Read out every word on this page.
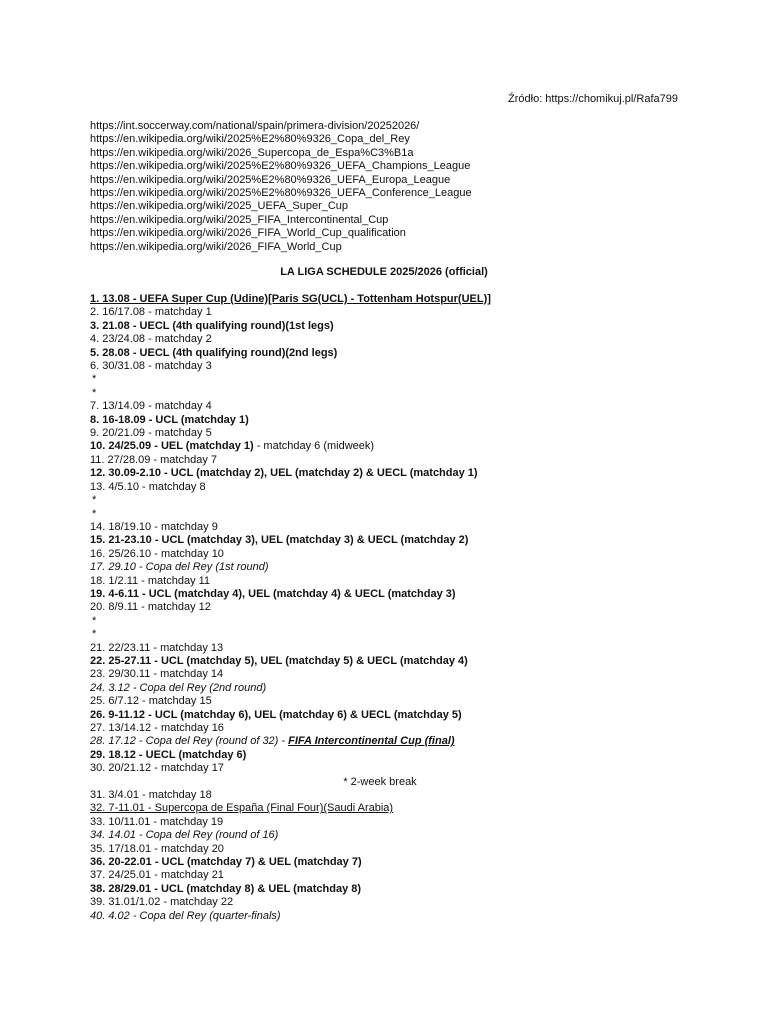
Źródło: https://chomikuj.pl/Rafa799
https://int.soccerway.com/national/spain/primera-division/20252026/
https://en.wikipedia.org/wiki/2025%E2%80%9326_Copa_del_Rey
https://en.wikipedia.org/wiki/2026_Supercopa_de_Espa%C3%B1a
https://en.wikipedia.org/wiki/2025%E2%80%9326_UEFA_Champions_League
https://en.wikipedia.org/wiki/2025%E2%80%9326_UEFA_Europa_League
https://en.wikipedia.org/wiki/2025%E2%80%9326_UEFA_Conference_League
https://en.wikipedia.org/wiki/2025_UEFA_Super_Cup
https://en.wikipedia.org/wiki/2025_FIFA_Intercontinental_Cup
https://en.wikipedia.org/wiki/2026_FIFA_World_Cup_qualification
https://en.wikipedia.org/wiki/2026_FIFA_World_Cup
LA LIGA SCHEDULE 2025/2026 (official)
1. 13.08 - UEFA Super Cup (Udine)[Paris SG(UCL) - Tottenham Hotspur(UEL)]
2. 16/17.08 - matchday 1
3. 21.08 - UECL (4th qualifying round)(1st legs)
4. 23/24.08 - matchday 2
5. 28.08 - UECL (4th qualifying round)(2nd legs)
6. 30/31.08 - matchday 3
*
*
7. 13/14.09 - matchday 4
8. 16-18.09 - UCL (matchday 1)
9. 20/21.09 - matchday 5
10. 24/25.09 - UEL (matchday 1) - matchday 6 (midweek)
11. 27/28.09 - matchday 7
12. 30.09-2.10 - UCL (matchday 2), UEL (matchday 2) & UECL (matchday 1)
13. 4/5.10 - matchday 8
*
*
14. 18/19.10 - matchday 9
15. 21-23.10 - UCL (matchday 3), UEL (matchday 3) & UECL (matchday 2)
16. 25/26.10 - matchday 10
17. 29.10 - Copa del Rey (1st round)
18. 1/2.11 - matchday 11
19. 4-6.11 - UCL (matchday 4), UEL (matchday 4) & UECL (matchday 3)
20. 8/9.11 - matchday 12
*
*
21. 22/23.11 - matchday 13
22. 25-27.11 - UCL (matchday 5), UEL (matchday 5) & UECL (matchday 4)
23. 29/30.11 - matchday 14
24. 3.12 - Copa del Rey (2nd round)
25. 6/7.12 - matchday 15
26. 9-11.12 - UCL (matchday 6), UEL (matchday 6) & UECL (matchday 5)
27. 13/14.12 - matchday 16
28. 17.12 - Copa del Rey (round of 32) - FIFA Intercontinental Cup (final)
29. 18.12 - UECL (matchday 6)
30. 20/21.12 - matchday 17
* 2-week break
31. 3/4.01 - matchday 18
32. 7-11.01 - Supercopa de España (Final Four)(Saudi Arabia)
33. 10/11.01 - matchday 19
34. 14.01 - Copa del Rey (round of 16)
35. 17/18.01 - matchday 20
36. 20-22.01 - UCL (matchday 7) & UEL (matchday 7)
37. 24/25.01 - matchday 21
38. 28/29.01 - UCL (matchday 8) & UEL (matchday 8)
39. 31.01/1.02 - matchday 22
40. 4.02 - Copa del Rey (quarter-finals)
